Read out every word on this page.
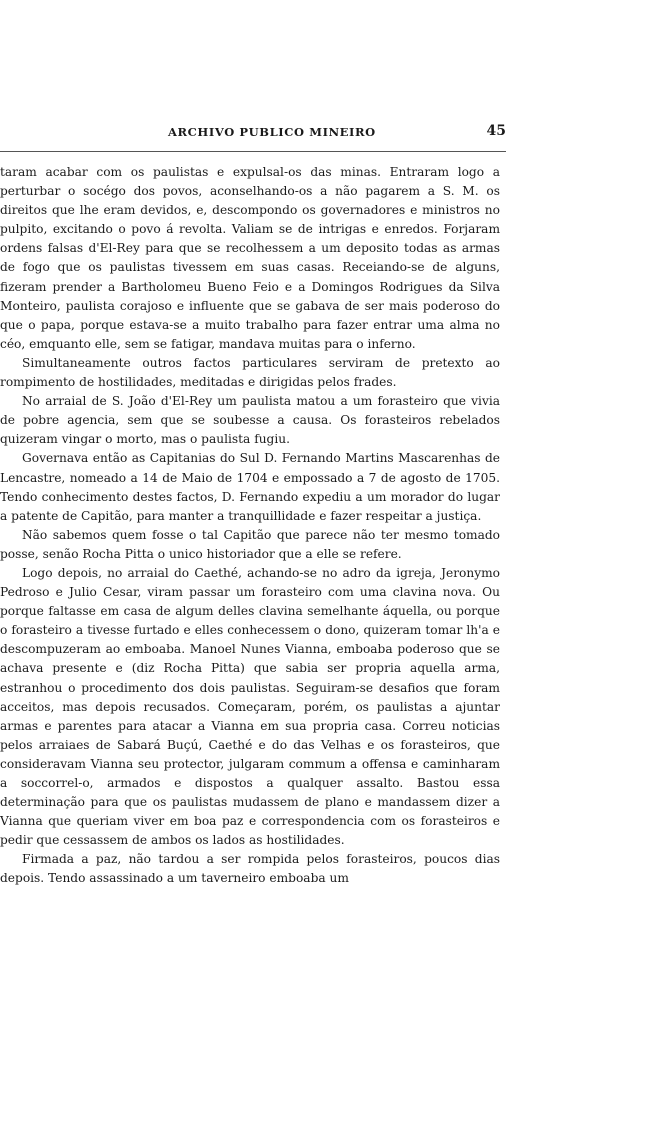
ARCHIVO PUBLICO MINEIRO	45

taram acabar com os paulistas e expulsal-os das minas. Entraram logo a perturbar o socégo dos povos, aconselhando-os a não pagarem a S. M. os direitos que lhe eram devidos, e, descompondo os governadores e ministros no pulpito, excitando o povo á revolta. Valiam se de intrigas e enredos. Forjaram ordens falsas d'El-Rey para que se recolhessem a um deposito todas as armas de fogo que os paulistas tivessem em suas casas. Receiando-se de alguns, fizeram prender a Bartholomeu Bueno Feio e a Domingos Rodrigues da Silva Monteiro, paulista corajoso e influente que se gabava de ser mais poderoso do que o papa, porque estava-se a muito trabalho para fazer entrar uma alma no céo, emquanto elle, sem se fatigar, mandava muitas para o inferno.

Simultaneamente outros factos particulares serviram de pretexto ao rompimento de hostilidades, meditadas e dirigidas pelos frades.

No arraial de S. João d'El-Rey um paulista matou a um forasteiro que vivia de pobre agencia, sem que se soubesse a causa. Os forasteiros rebelados quizeram vingar o morto, mas o paulista fugiu.

Governava então as Capitanias do Sul D. Fernando Martins Mascarenhas de Lencastre, nomeado a 14 de Maio de 1704 e empossado a 7 de agosto de 1705. Tendo conhecimento destes factos, D. Fernando expediu a um morador do lugar a patente de Capitão, para manter a tranquillidade e fazer respeitar a justiça.

Não sabemos quem fosse o tal Capitão que parece não ter mesmo tomado posse, senão Rocha Pitta o unico historiador que a elle se refere.

Logo depois, no arraial do Caethé, achando-se no adro da igreja, Jeronymo Pedroso e Julio Cesar, viram passar um forasteiro com uma clavina nova. Ou porque faltasse em casa de algum delles clavina semelhante áquella, ou porque o forasteiro a tivesse furtado e elles conhecessem o dono, quizeram tomar lh'a e descompuzeram ao emboaba. Manoel Nunes Vianna, emboaba poderoso que se achava presente e (diz Rocha Pitta) que sabia ser propria aquella arma, estranhou o procedimento dos dois paulistas. Seguiram-se desafios que foram acceitos, mas depois recusados. Começaram, porém, os paulistas a ajuntar armas e parentes para atacar a Vianna em sua propria casa. Correu noticias pelos arraiaes de Sabará Buçú, Caethé e do das Velhas e os forasteiros, que consideravam Vianna seu protector, julgaram commum a offensa e caminharam a soccorrel-o, armados e dispostos a qualquer assalto. Bastou essa determinação para que os paulistas mudassem de plano e mandassem dizer a Vianna que queriam viver em boa paz e correspondencia com os forasteiros e pedir que cessassem de ambos os lados as hostilidades.

Firmada a paz, não tardou a ser rompida pelos forasteiros, poucos dias depois. Tendo assassinado a um taverneiro emboaba um
